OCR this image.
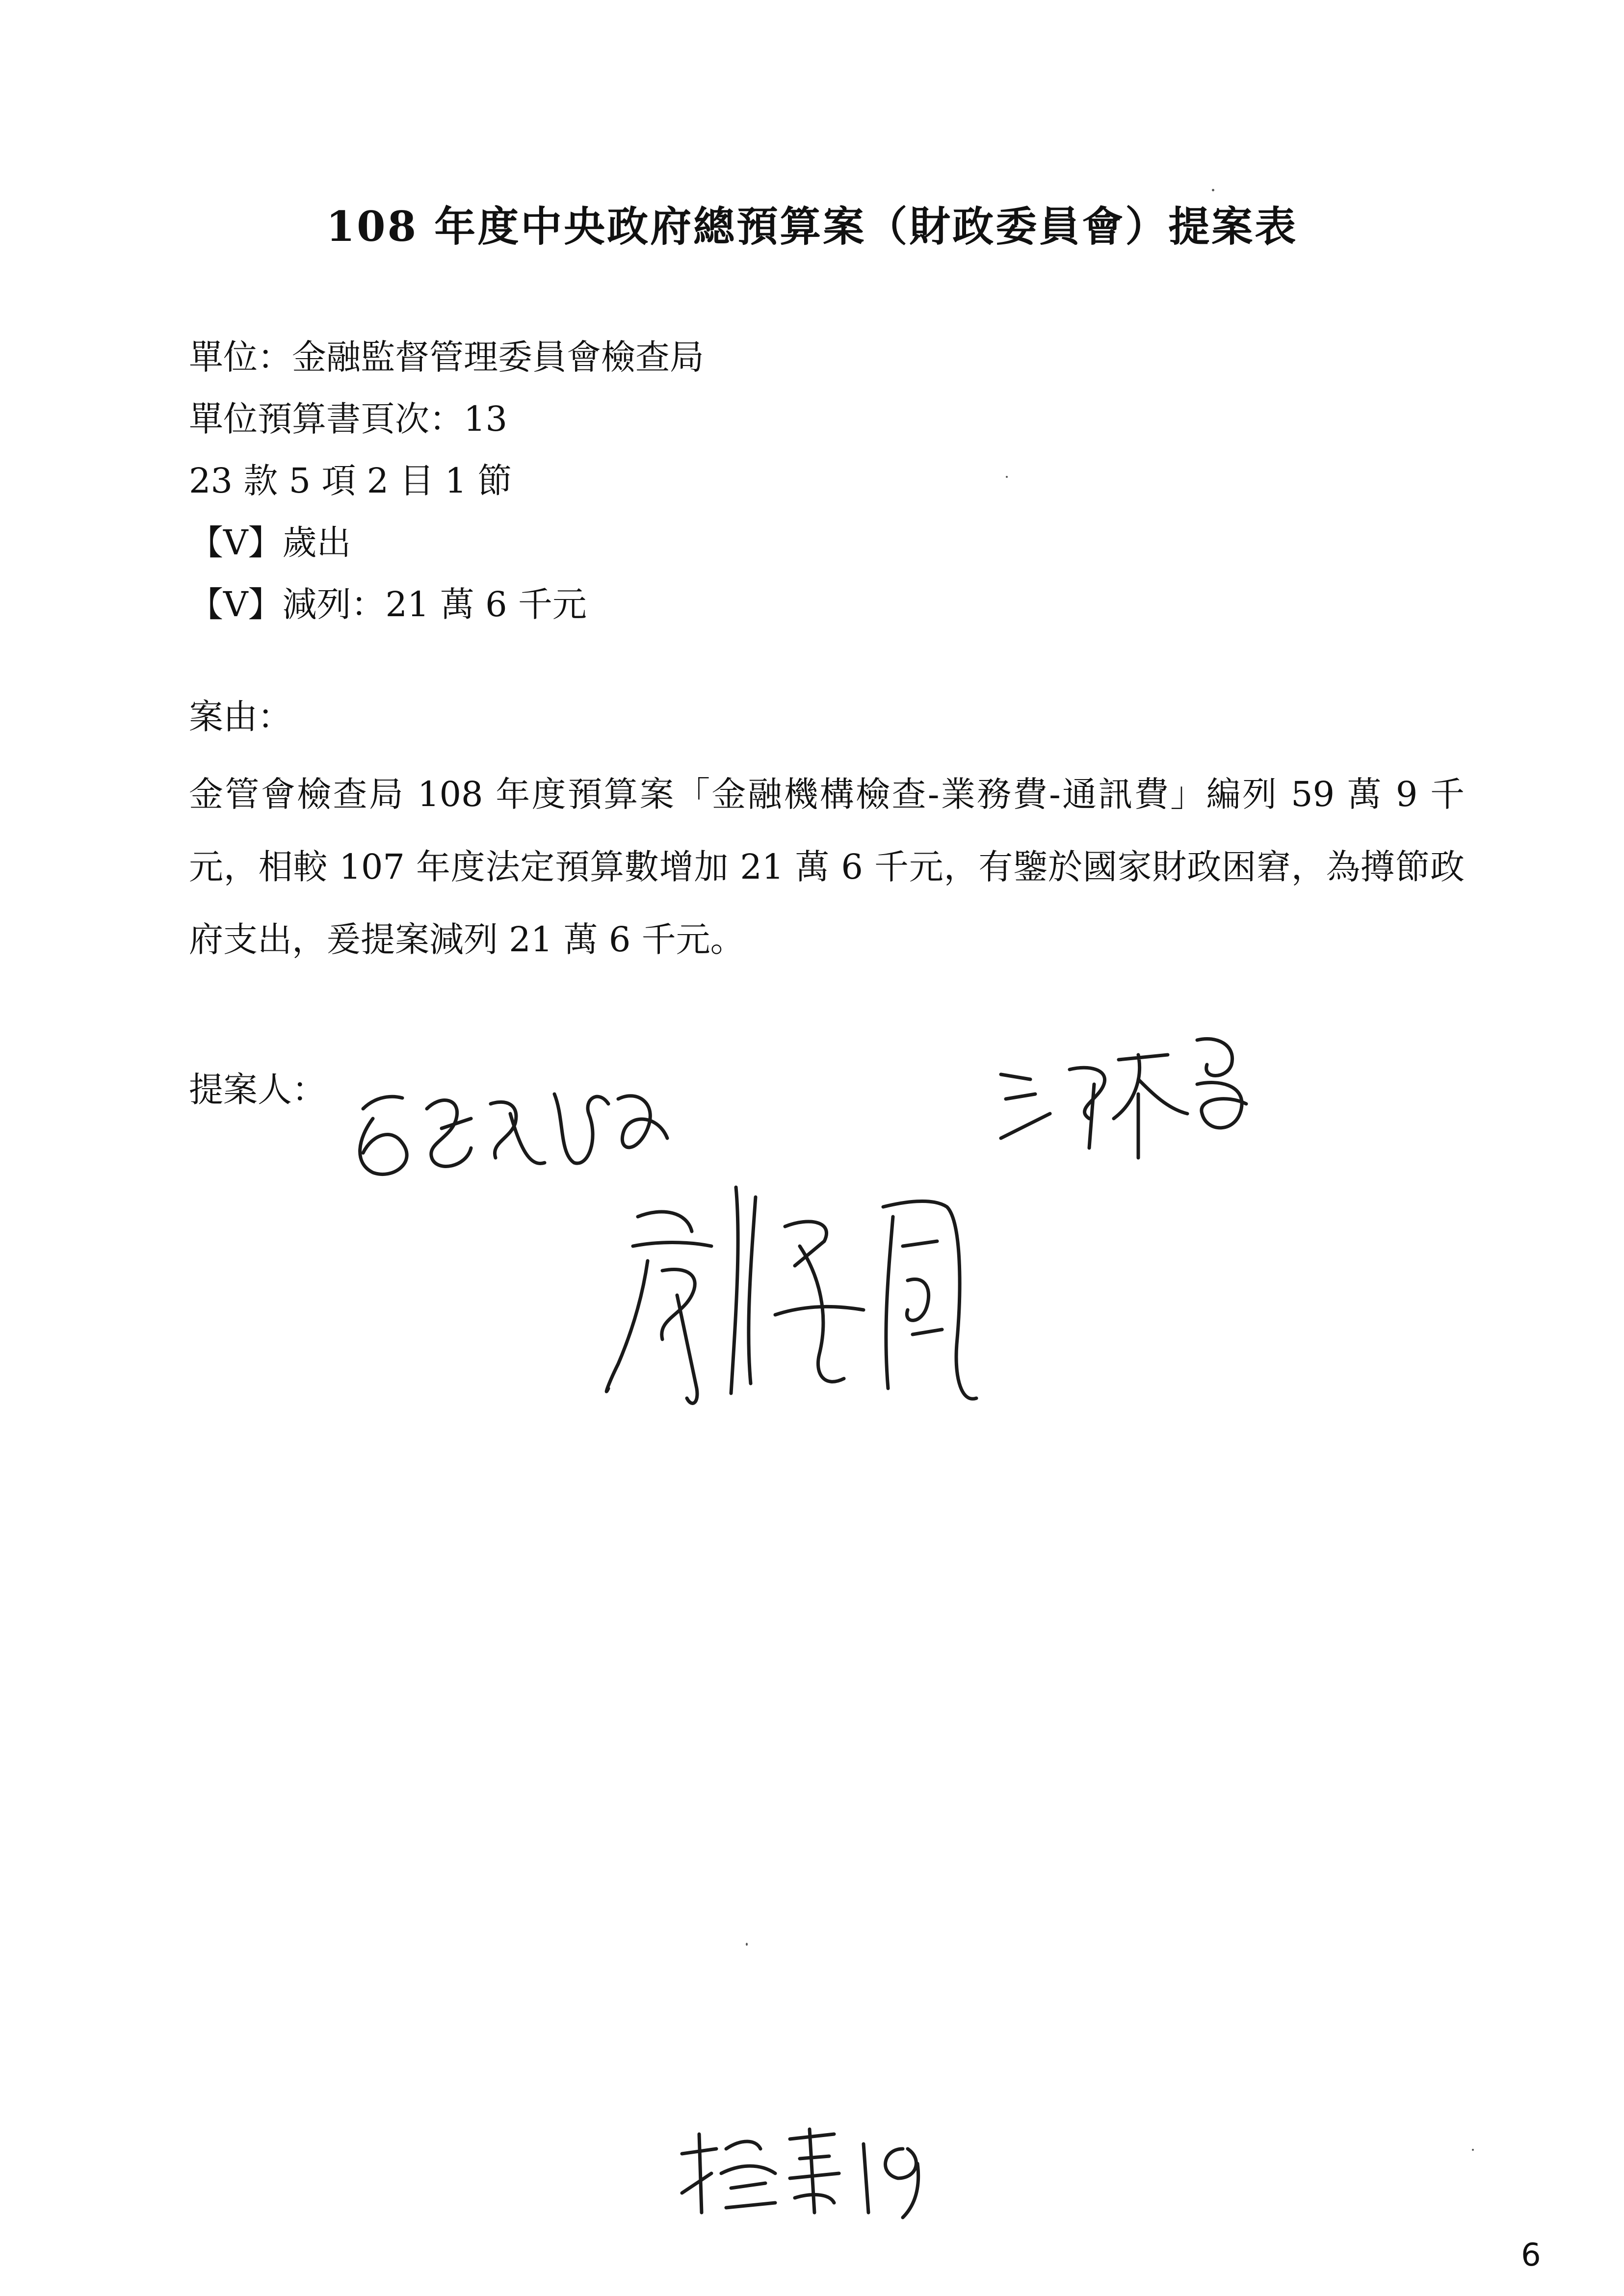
108 年度中央政府總預算案（財政委員會）提案表
單位：金融監督管理委員會檢查局
單位預算書頁次：13
23 款 5 項 2 目 1 節
【V】歲出
【V】減列：21 萬 6 千元
案由：
金管會檢查局 108 年度預算案「金融機構檢查-業務費-通訊費」編列 59 萬 9 千元，相較 107 年度法定預算數增加 21 萬 6 千元，有鑒於國家財政困窘，為撙節政府支出，爰提案減列 21 萬 6 千元。
提案人：
6
